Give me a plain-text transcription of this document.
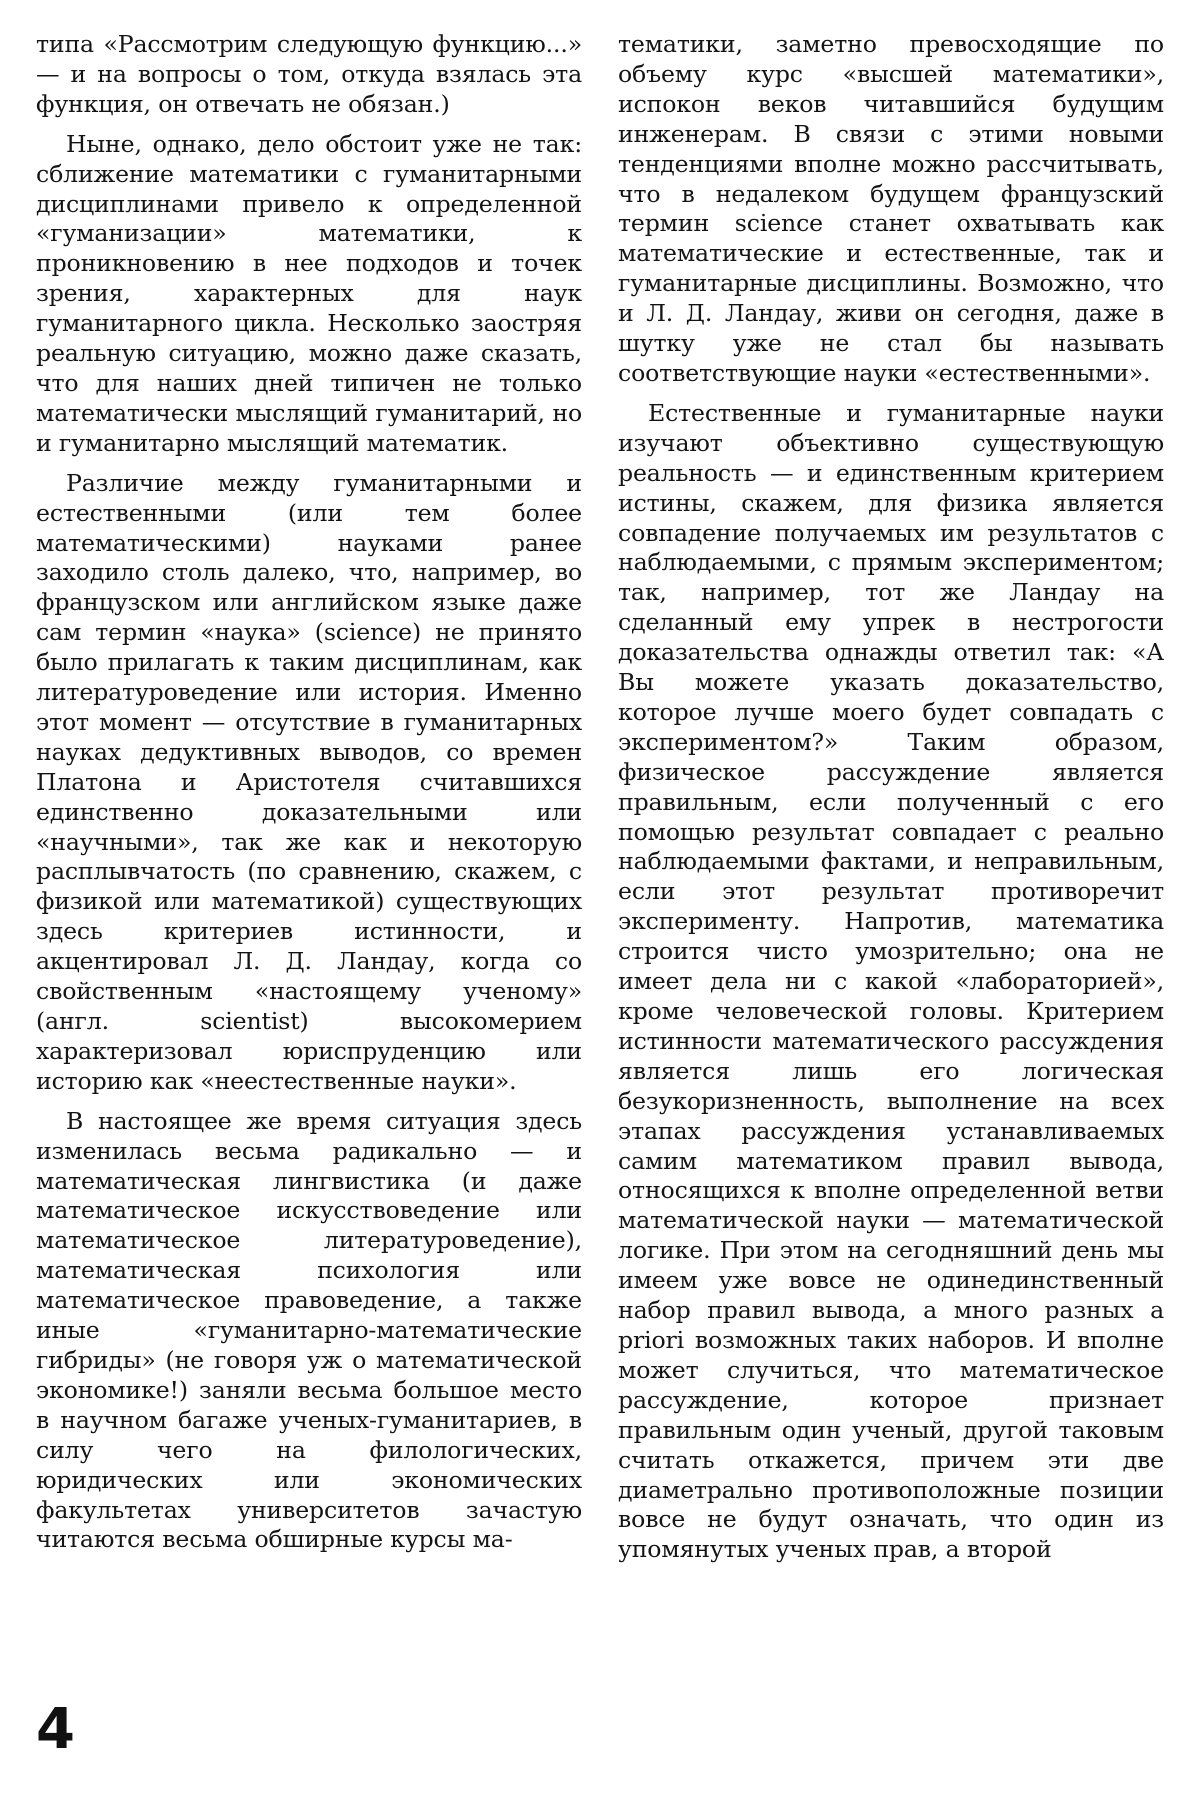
типа «Рассмотрим следующую функцию...» — и на вопросы о том, откуда взялась эта функция, он отвечать не обязан.)

Ныне, однако, дело обстоит уже не так: сближение математики с гуманитарными дисциплинами привело к определенной «гуманизации» математики, к проникновению в нее подходов и точек зрения, характерных для наук гуманитарного цикла. Несколько заостряя реальную ситуацию, можно даже сказать, что для наших дней типичен не только математически мыслящий гуманитарий, но и гуманитарно мыслящий математик.

Различие между гуманитарными и естественными (или тем более математическими) науками ранее заходило столь далеко, что, например, во французском или английском языке даже сам термин «наука» (science) не принято было прилагать к таким дисциплинам, как литературоведение или история. Именно этот момент — отсутствие в гуманитарных науках дедуктивных выводов, со времен Платона и Аристотеля считавшихся единственно доказательными или «научными», так же как и некоторую расплывчатость (по сравнению, скажем, с физикой или математикой) существующих здесь критериев истинности, и акцентировал Л. Д. Ландау, когда со свойственным «настоящему ученому» (англ. scientist) высокомерием характеризовал юриспруденцию или историю как «неестественные науки».

В настоящее же время ситуация здесь изменилась весьма радикально — и математическая лингвистика (и даже математическое искусствоведение или математическое литературоведение), математическая психология или математическое правоведение, а также иные «гуманитарно-математические гибриды» (не говоря уж о математической экономике!) заняли весьма большое место в научном багаже ученых-гуманитариев, в силу чего на филологических, юридических или экономических факультетах университетов зачастую читаются весьма обширные курсы ма-

тематики, заметно превосходящие по объему курс «высшей математики», испокон веков читавшийся будущим инженерам. В связи с этими новыми тенденциями вполне можно рассчитывать, что в недалеком будущем французский термин science станет охватывать как математические и естественные, так и гуманитарные дисциплины. Возможно, что и Л. Д. Ландау, живи он сегодня, даже в шутку уже не стал бы называть соответствующие науки «естественными».

Естественные и гуманитарные науки изучают объективно существующую реальность — и единственным критерием истины, скажем, для физика является совпадение получаемых им результатов с наблюдаемыми, с прямым экспериментом; так, например, тот же Ландау на сделанный ему упрек в нестрогости доказательства однажды ответил так: «А Вы можете указать доказательство, которое лучше моего будет совпадать с экспериментом?» Таким образом, физическое рассуждение является правильным, если полученный с его помощью результат совпадает с реально наблюдаемыми фактами, и неправильным, если этот результат противоречит эксперименту. Напротив, математика строится чисто умозрительно; она не имеет дела ни с какой «лабораторией», кроме человеческой головы. Критерием истинности математического рассуждения является лишь его логическая безукоризненность, выполнение на всех этапах рассуждения устанавливаемых самим математиком правил вывода, относящихся к вполне определенной ветви математической науки — математической логике. При этом на сегодняшний день мы имеем уже вовсе не одинединственный набор правил вывода, а много разных a priori возможных таких наборов. И вполне может случиться, что математическое рассуждение, которое признает правильным один ученый, другой таковым считать откажется, причем эти две диаметрально противоположные позиции вовсе не будут означать, что один из упомянутых ученых прав, а второй

4
